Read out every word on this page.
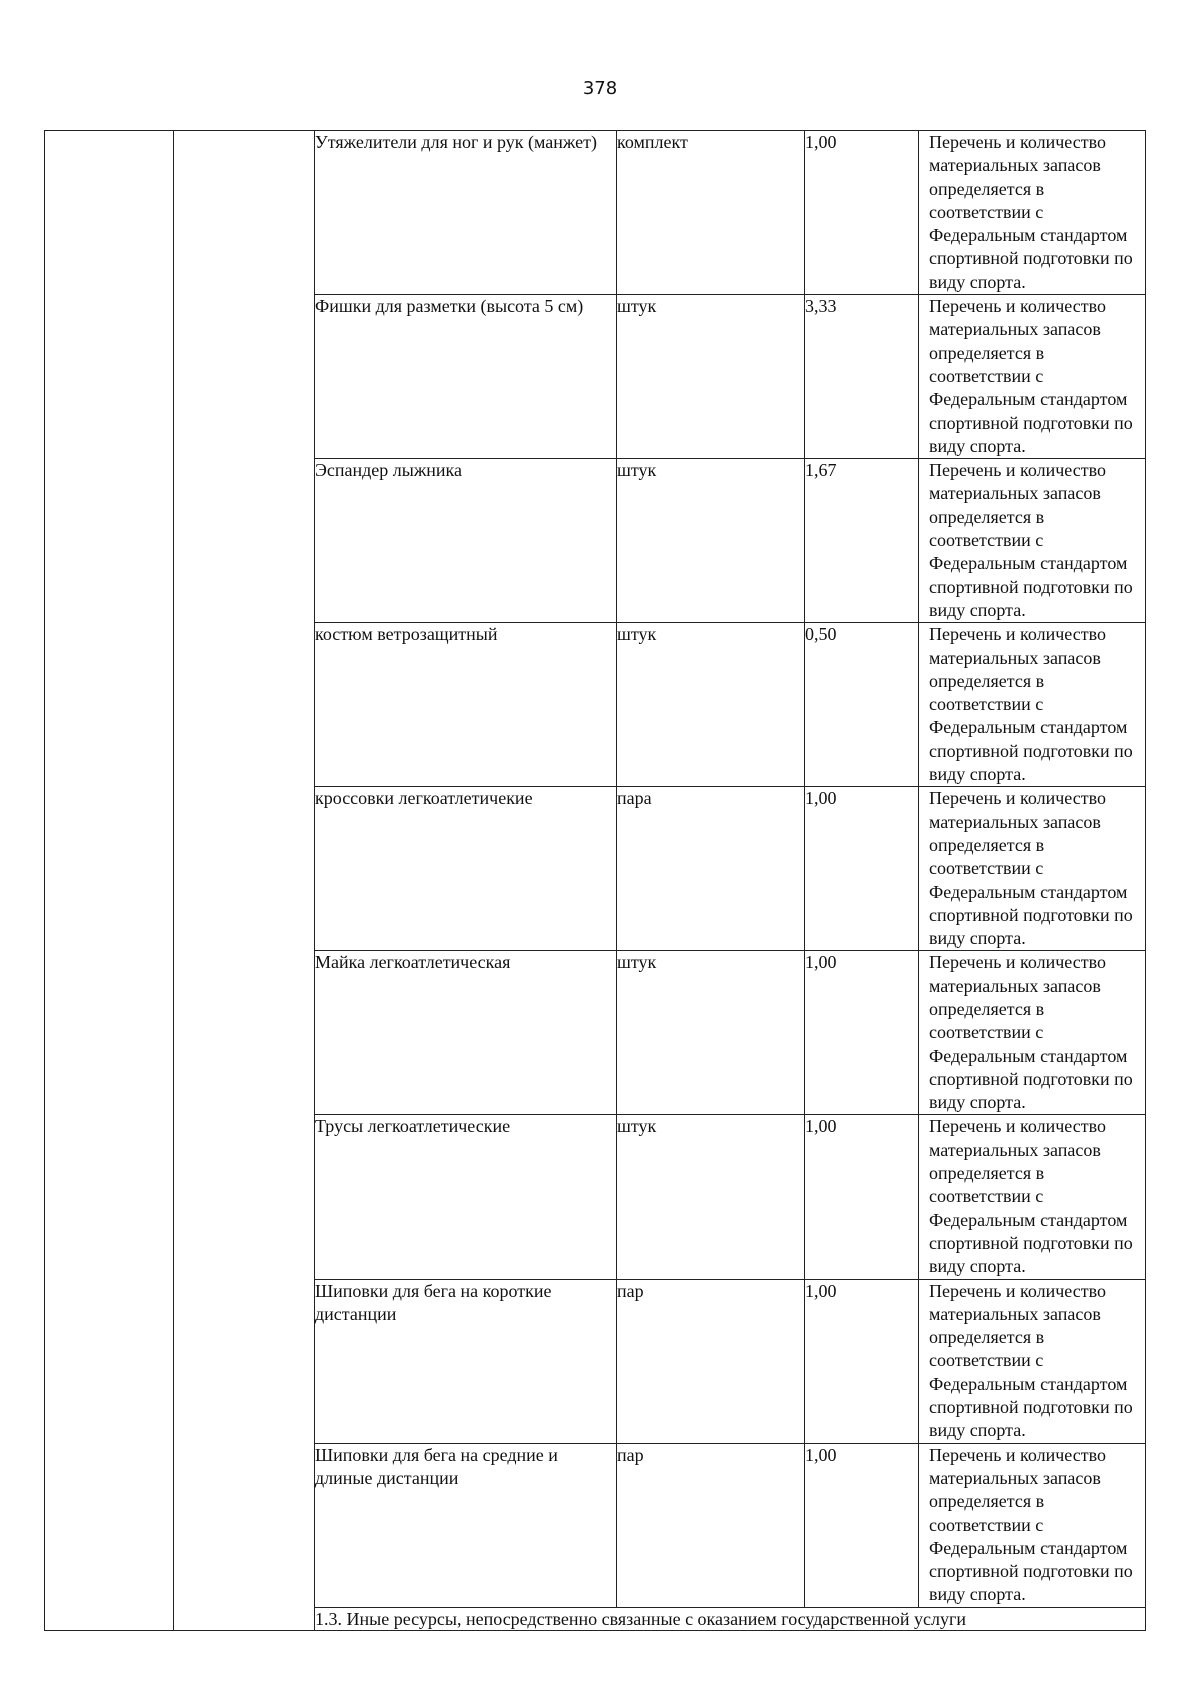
378
		Утяжелители для ног и рук (манжет)	комплект	1,00	Перечень и количество материальных запасов определяется в соответствии с Федеральным стандартом спортивной подготовки по виду спорта.
		Фишки для разметки (высота 5 см)	штук	3,33	Перечень и количество материальных запасов определяется в соответствии с Федеральным стандартом спортивной подготовки по виду спорта.
		Эспандер лыжника	штук	1,67	Перечень и количество материальных запасов определяется в соответствии с Федеральным стандартом спортивной подготовки по виду спорта.
		костюм ветрозащитный	штук	0,50	Перечень и количество материальных запасов определяется в соответствии с Федеральным стандартом спортивной подготовки по виду спорта.
		кроссовки легкоатлетичекие	пара	1,00	Перечень и количество материальных запасов определяется в соответствии с Федеральным стандартом спортивной подготовки по виду спорта.
		Майка легкоатлетическая	штук	1,00	Перечень и количество материальных запасов определяется в соответствии с Федеральным стандартом спортивной подготовки по виду спорта.
		Трусы легкоатлетические	штук	1,00	Перечень и количество материальных запасов определяется в соответствии с Федеральным стандартом спортивной подготовки по виду спорта.
		Шиповки для бега на короткие дистанции	пар	1,00	Перечень и количество материальных запасов определяется в соответствии с Федеральным стандартом спортивной подготовки по виду спорта.
		Шиповки для бега на средние и длиные дистанции	пар	1,00	Перечень и количество материальных запасов определяется в соответствии с Федеральным стандартом спортивной подготовки по виду спорта.
		1.3. Иные ресурсы, непосредственно связанные с оказанием государственной услуги			
